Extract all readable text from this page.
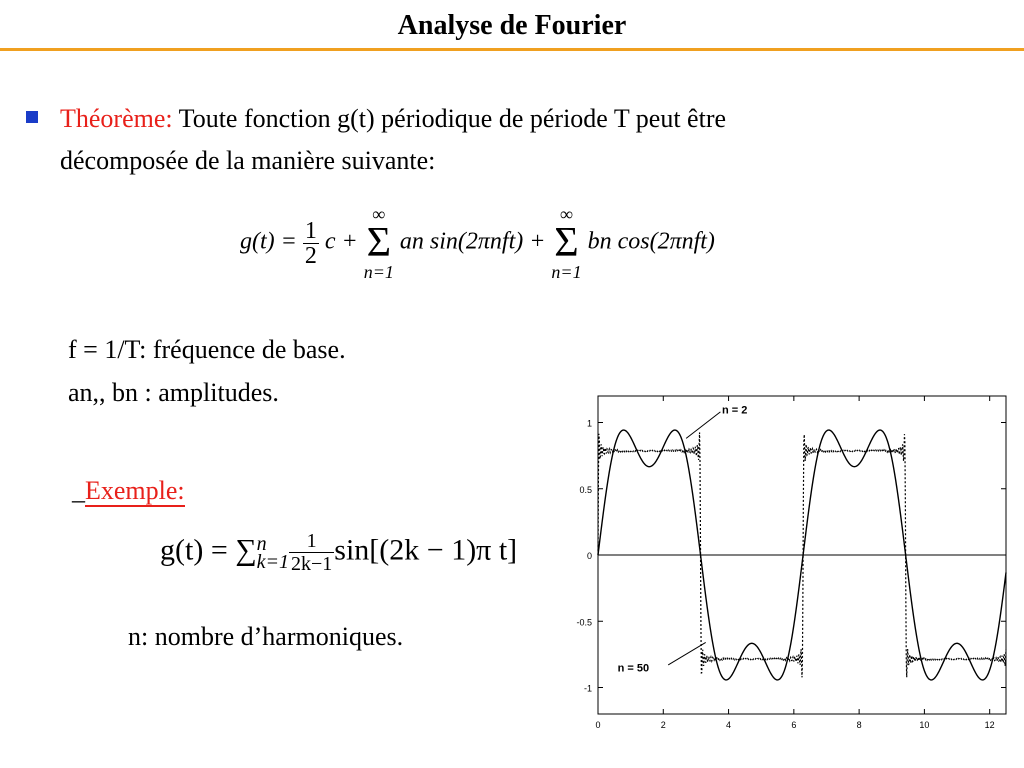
Analyse de Fourier
Théorème: Toute fonction g(t) périodique de période T peut être
décomposée de la manière suivante:
$g(t) = \frac{1}{2}$ c +
∞
Σ
n=1
an sin(2πnft) +
∞
Σ
n=1
bn cos(2πnft)
f = 1/T: fréquence de base.
an,, bn : amplitudes.
_Exemple:
g(t) = ∑ n
$k=1 \frac{1}{2k-1} \sin[(2k - 1)\pi$ t]
n: nombre d’harmoniques.
1
0.5
0
-0.5
-1
0	2	4	6	8	10	12
n = 2
n = 50
